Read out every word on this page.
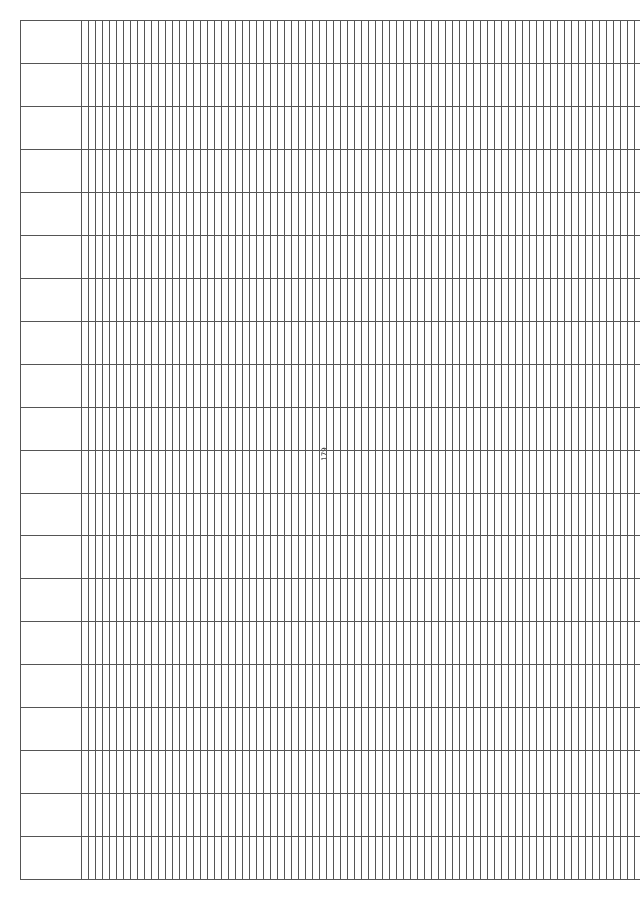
179
